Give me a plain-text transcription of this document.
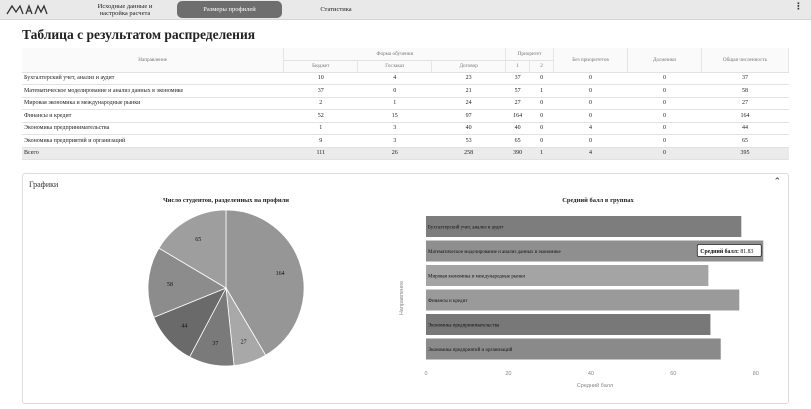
Исходные данные и настройка расчета	Размеры профилей	Статистика	⋮
Таблица с результатом распределения
Направление	Форма обучения			Приоритет		Без приоритетов	Должники	Общая численность
	Бюджет	Госзаказ	Договор	1	2			
Бухгалтерский учет, анализ и аудит	10	4	23	37	0	0	0	37
Математическое моделирование и анализ данных в экономике	37	0	21	57	1	0	0	58
Мировая экономика и международные рынки	2	1	24	27	0	0	0	27
Финансы и кредит	52	15	97	164	0	0	0	164
Экономика предпринимательства	1	3	40	40	0	4	0	44
Экономика предприятий и организаций	9	3	53	65	0	0	0	65
Всего	111	26	258	390	1	4	0	395
Графики	⌃
Число студентов, разделенных на профили
164
27
37
44
58
65
Средний балл в группах
Направление
Бухгалтерский учет, анализ и аудит
Математическое моделирование и анализ данных в экономике
Мировая экономика и международные рынки
Финансы и кредит
Экономика предпринимательства
Экономика предприятий и организаций
Средний балл: 81.83
0	20	40	60	80
Средний балл
